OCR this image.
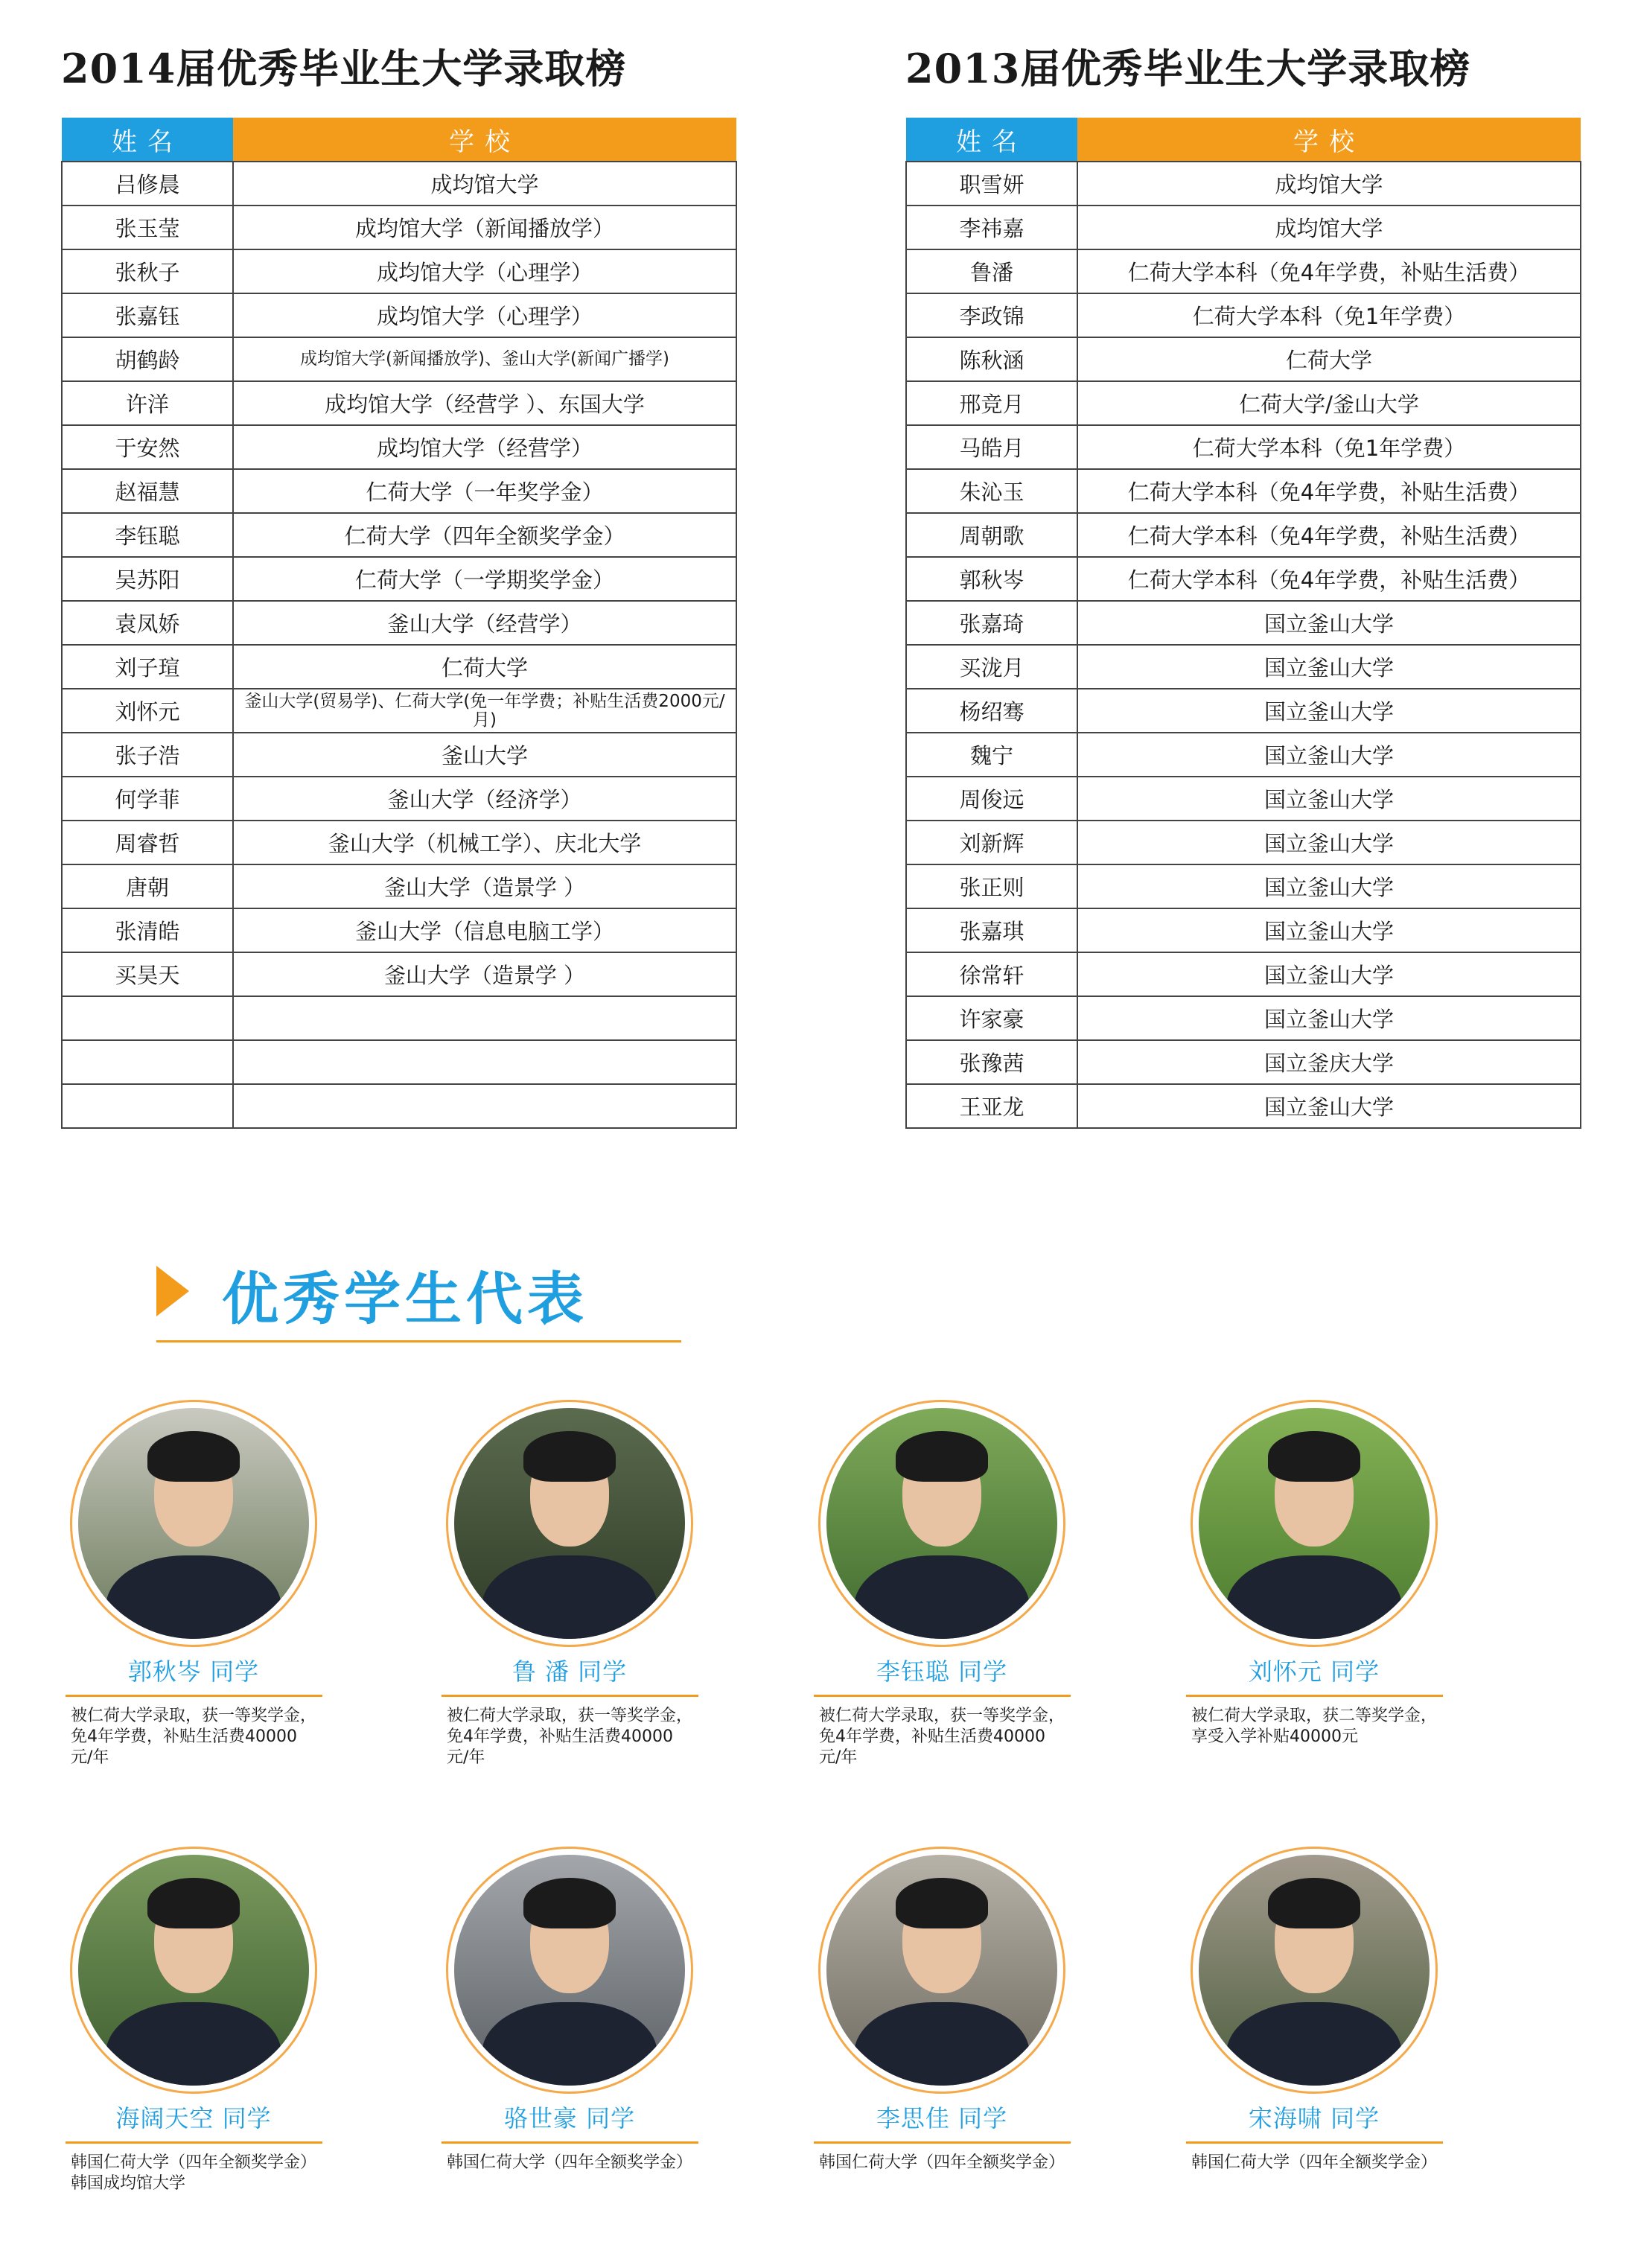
2014届优秀毕业生大学录取榜
姓名	学校
吕修晨	成均馆大学
张玉莹	成均馆大学（新闻播放学）
张秋子	成均馆大学（心理学）
张嘉钰	成均馆大学（心理学）
胡鹤龄	成均馆大学(新闻播放学)、釜山大学(新闻广播学)
许洋	成均馆大学（经营学 ）、东国大学
于安然	成均馆大学（经营学）
赵福慧	仁荷大学（一年奖学金）
李钰聪	仁荷大学（四年全额奖学金）
吴苏阳	仁荷大学（一学期奖学金）
袁凤娇	釜山大学（经营学）
刘子瑄	仁荷大学
刘怀元	釜山大学(贸易学)、仁荷大学(免一年学费；补贴生活费2000元/月)
张子浩	釜山大学
何学菲	釜山大学（经济学）
周睿哲	釜山大学（机械工学）、庆北大学
唐朝	釜山大学（造景学 ）
张清皓	釜山大学（信息电脑工学）
买昊天	釜山大学（造景学 ）

2013届优秀毕业生大学录取榜
姓名	学校
职雪妍	成均馆大学
李祎嘉	成均馆大学
鲁潘	仁荷大学本科（免4年学费，补贴生活费）
李政锦	仁荷大学本科（免1年学费）
陈秋涵	仁荷大学
邢竞月	仁荷大学/釜山大学
马皓月	仁荷大学本科（免1年学费）
朱沁玉	仁荷大学本科（免4年学费，补贴生活费）
周朝歌	仁荷大学本科（免4年学费，补贴生活费）
郭秋岑	仁荷大学本科（免4年学费，补贴生活费）
张嘉琦	国立釜山大学
买泷月	国立釜山大学
杨绍骞	国立釜山大学
魏宁	国立釜山大学
周俊远	国立釜山大学
刘新辉	国立釜山大学
张正则	国立釜山大学
张嘉琪	国立釜山大学
徐常轩	国立釜山大学
许家豪	国立釜山大学
张豫茜	国立釜庆大学
王亚龙	国立釜山大学
优秀学生代表
郭秋岑 同学
被仁荷大学录取，获一等奖学金，免4年学费，补贴生活费40000元/年
鲁 潘 同学
被仁荷大学录取，获一等奖学金，免4年学费，补贴生活费40000元/年
李钰聪 同学
被仁荷大学录取，获一等奖学金，免4年学费，补贴生活费40000元/年
刘怀元 同学
被仁荷大学录取，获二等奖学金，享受入学补贴40000元
海阔天空 同学
韩国仁荷大学（四年全额奖学金） 韩国成均馆大学
骆世豪 同学
韩国仁荷大学（四年全额奖学金）
李思佳 同学
韩国仁荷大学（四年全额奖学金）
宋海啸 同学
韩国仁荷大学（四年全额奖学金）
